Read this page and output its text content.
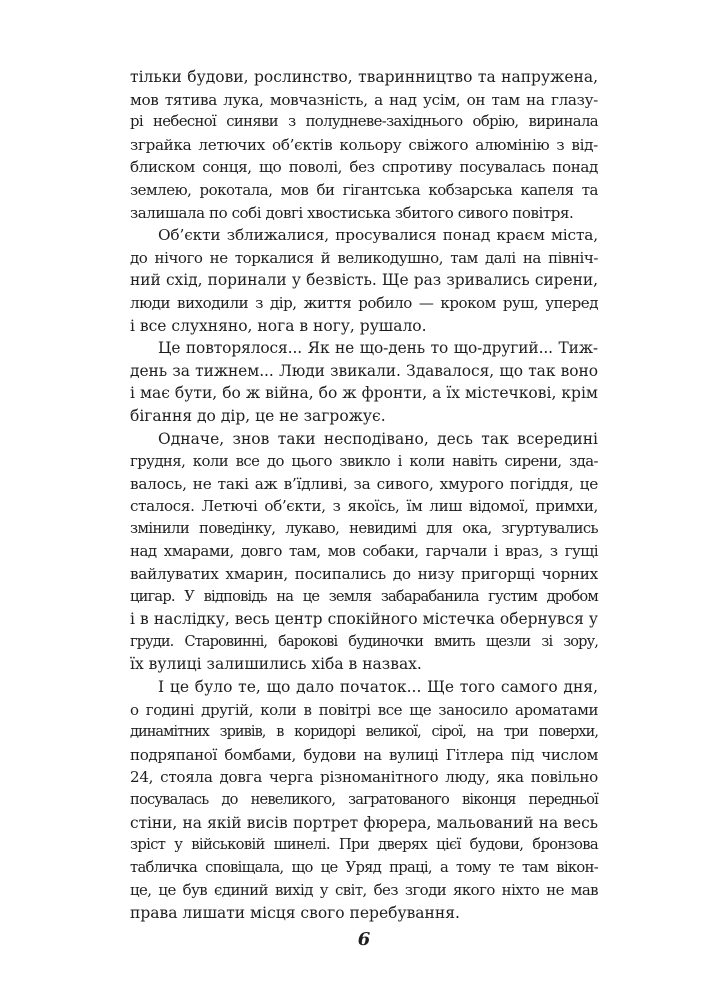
тільки будови, рослинство, тваринництво та напружена,
мов тятива лука, мовчазність, а над усім, он там на глазу-
рі небесної синяви з полудневе-західнього обрію, виринала
зграйка летючих об’єктів кольору свіжого алюмінію з від-
блиском сонця, що поволі, без спротиву посувалась понад
землею, рокотала, мов би гігантська кобзарська капеля та
залишала по собі довгі хвостиська збитого сивого повітря.
Об’єкти зближалися, просувалися понад краєм міста,
до нічого не торкалися й великодушно, там далі на північ-
ний схід, поринали у безвість. Ще раз зривались сирени,
люди виходили з дір, життя робило — кроком руш, уперед
і все слухняно, нога в ногу, рушало.
Це повторялося... Як не що-день то що-другий... Тиж-
день за тижнем... Люди звикали. Здавалося, що так воно
і має бути, бо ж війна, бо ж фронти, а їх містечкові, крім
бігання до дір, це не загрожує.
Одначе, знов таки несподівано, десь так всередині
грудня, коли все до цього звикло і коли навіть сирени, зда-
валось, не такі аж в’їдливі, за сивого, хмурого погіддя, це
сталося. Летючі об’єкти, з якоїсь, їм лиш відомої, примхи,
змінили поведінку, лукаво, невидимі для ока, згуртувались
над хмарами, довго там, мов собаки, гарчали і враз, з гущі
вайлуватих хмарин, посипались до низу пригорщі чорних
цигар. У відповідь на це земля забарабанила густим дробом
і в наслідку, весь центр спокійного містечка обернувся у
груди. Старовинні, барокові будиночки вмить щезли зі зору,
їх вулиці залишились хіба в назвах.
І це було те, що дало початок... Ще того самого дня,
о годині другій, коли в повітрі все ще заносило ароматами
динамітних зривів, в коридорі великої, сірої, на три поверхи,
подряпаної бомбами, будови на вулиці Гітлера під числом
24, стояла довга черга різноманітного люду, яка повільно
посувалась до невеликого, загратованого віконця передньої
стіни, на якій висів портрет фюрера, мальований на весь
зріст у військовій шинелі. При дверях цієї будови, бронзова
табличка сповіщала, що це Уряд праці, а тому те там вікон-
це, це був єдиний вихід у світ, без згоди якого ніхто не мав
права лишати місця свого перебування.
6
